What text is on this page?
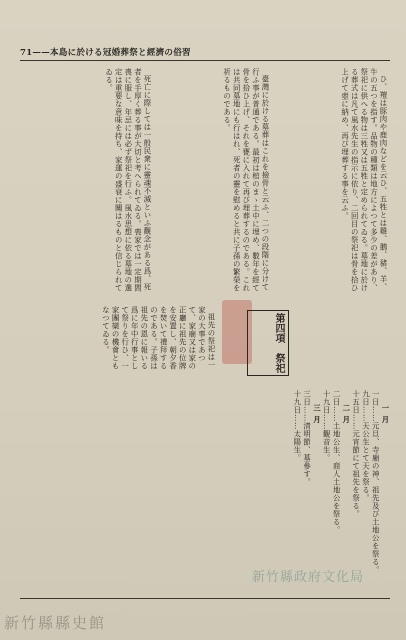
71——本島に於ける冠婚葬祭と經濟の俗習

ひ、羶は豚肉や鹿肉などを云ひ、五牲とは雞、鵝、豬、羊、牛の五つを指す。品物の種類は地方によつて多少の差があり、祭祀に供へる物は三牲又は五牲と定められてゐる。墓地に於ける葬式は凡て風水先生の指示に依り、二回目の祭祀は骨を拾ひ上げて壺に納め、再び埋葬する事を云ふ。

臺灣に於ける墓葬はこれを撿骨と云ふ、二つの段階に分けて行ふ事が普通である。最初は棺のまゝ土中に埋め、數年を經て骨を拾ひ上げ、それを甕に入れて再び埋葬するのである。これは共同墓地にも行はれ、死者の靈を慰めると共に子孫の繁榮を祈るものである。

死亡に際しては一般民衆に靈魂不滅といふ觀念がある爲、死者を手厚く葬る事が大切と考へられてゐる。喪家では一定期間喪に服し、年忌には必ず祭祀を行ふ。風水思想に依る墓地の選定は重要な意味を持ち、家運の盛衰に關はるものと信じられてゐる。

祖先の祭祀は一家の大事であつて、家廟又は家の正廳に祖先の位牌を安置し、朝夕香を焚いて禮拜するのである。子孫は祖先の恩に報いる爲に年中行事として祭りを行ひ、一家團欒の機會ともなつてゐる。	第四項　祭祀
一月
一日……元旦、寺廟の神、祖先及び土地公を祭る。
九日……天公生とて天を祭る。
十五日……元宵節にて祖先を祭る。
二月
二日……土地公生、商人土地公を祭る。
十九日……觀音生。
三月
三日……清明節、墓參す。
十九日……太陽生。
新竹縣政府文化局
新竹縣縣史館
